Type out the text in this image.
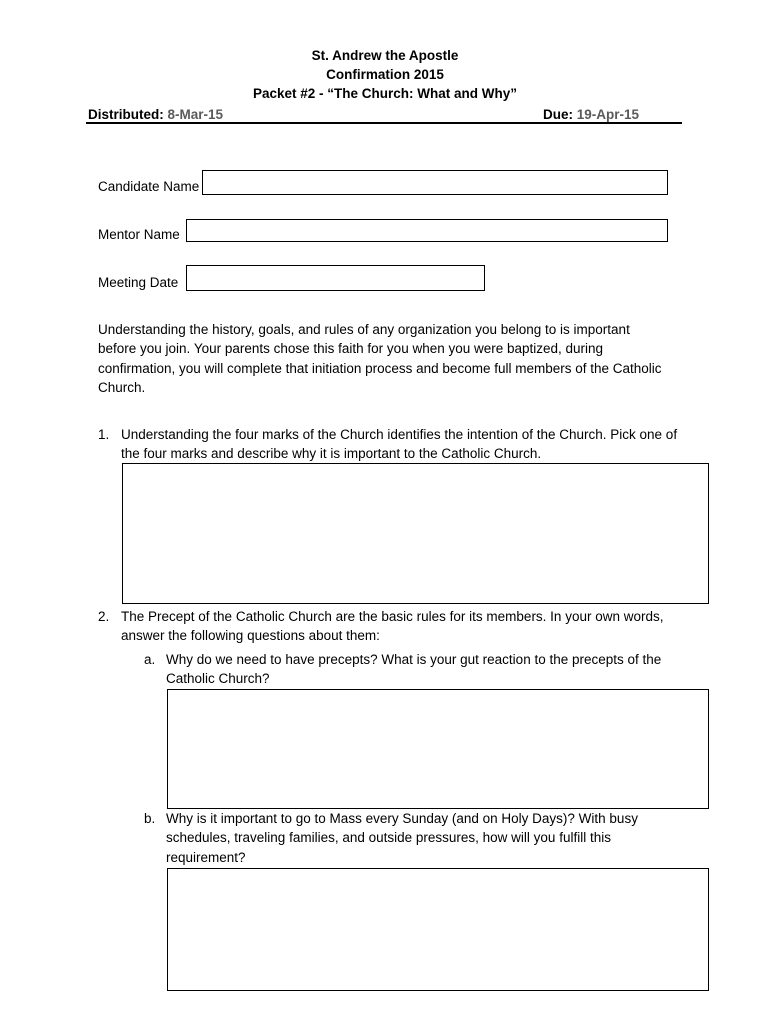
St. Andrew the Apostle
Confirmation 2015
Packet #2 - “The Church: What and Why”
Distributed: 8-Mar-15	Due: 19-Apr-15
Candidate Name
Mentor Name
Meeting Date
Understanding the history, goals, and rules of any organization you belong to is important before you join. Your parents chose this faith for you when you were baptized, during confirmation, you will complete that initiation process and become full members of the Catholic Church.
1. Understanding the four marks of the Church identifies the intention of the Church. Pick one of the four marks and describe why it is important to the Catholic Church.
2. The Precept of the Catholic Church are the basic rules for its members. In your own words, answer the following questions about them:
a. Why do we need to have precepts? What is your gut reaction to the precepts of the Catholic Church?
b. Why is it important to go to Mass every Sunday (and on Holy Days)? With busy schedules, traveling families, and outside pressures, how will you fulfill this requirement?
